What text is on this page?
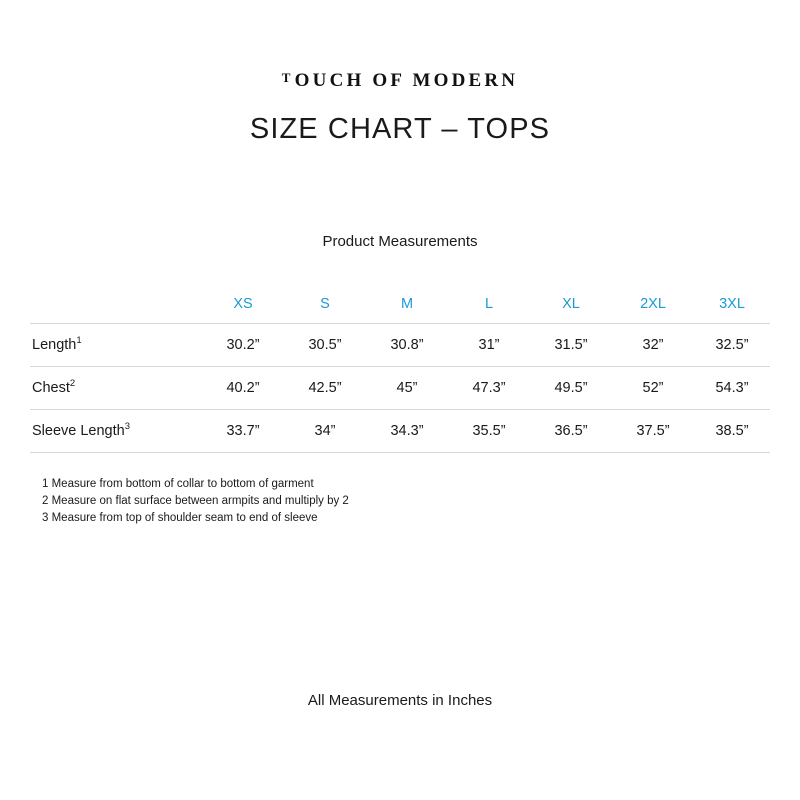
TOUCH OF MODERN
SIZE CHART – TOPS
Product Measurements
	XS	S	M	L	XL	2XL	3XL
Length$^1$	30.2”	30.5”	30.8”	31”	31.5”	32”	32.5”
Chest$^2$	40.2”	42.5”	45”	47.3”	49.5”	52”	54.3”
Sleeve Length$^3$	33.7”	34”	34.3”	35.5”	36.5”	37.5”	38.5”
1 Measure from bottom of collar to bottom of garment
2 Measure on flat surface between armpits and multiply by 2
3 Measure from top of shoulder seam to end of sleeve
All Measurements in Inches
